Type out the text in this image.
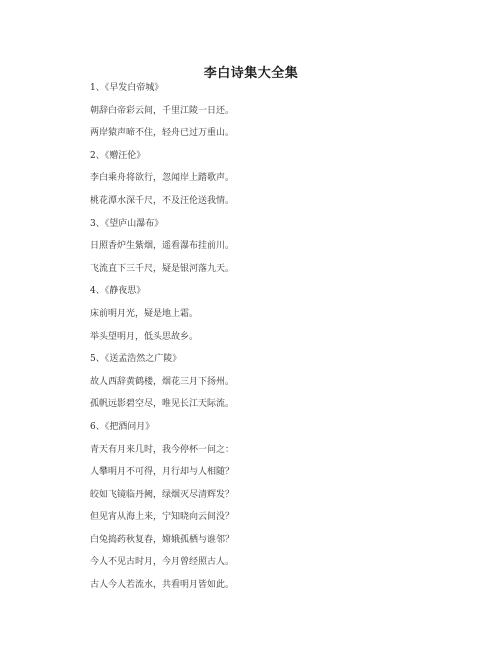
李白诗集大全集
1、《早发白帝城》
朝辞白帝彩云间，千里江陵一日还。
两岸猿声啼不住，轻舟已过万重山。
2、《赠汪伦》
李白乘舟将欲行，忽闻岸上踏歌声。
桃花潭水深千尺，不及汪伦送我情。
3、《望庐山瀑布》
日照香炉生紫烟，遥看瀑布挂前川。
飞流直下三千尺，疑是银河落九天。
4、《静夜思》
床前明月光，疑是地上霜。
举头望明月，低头思故乡。
5、《送孟浩然之广陵》
故人西辞黄鹤楼，烟花三月下扬州。
孤帆远影碧空尽，唯见长江天际流。
6、《把酒问月》
青天有月来几时，我今停杯一问之：
人攀明月不可得，月行却与人相随？
皎如飞镜临丹阙，绿烟灭尽清辉发？
但见宵从海上来，宁知晓向云间没？
白兔捣药秋复春，嫦娥孤栖与谁邻？
今人不见古时月，今月曾经照古人。
古人今人若流水，共看明月皆如此。
